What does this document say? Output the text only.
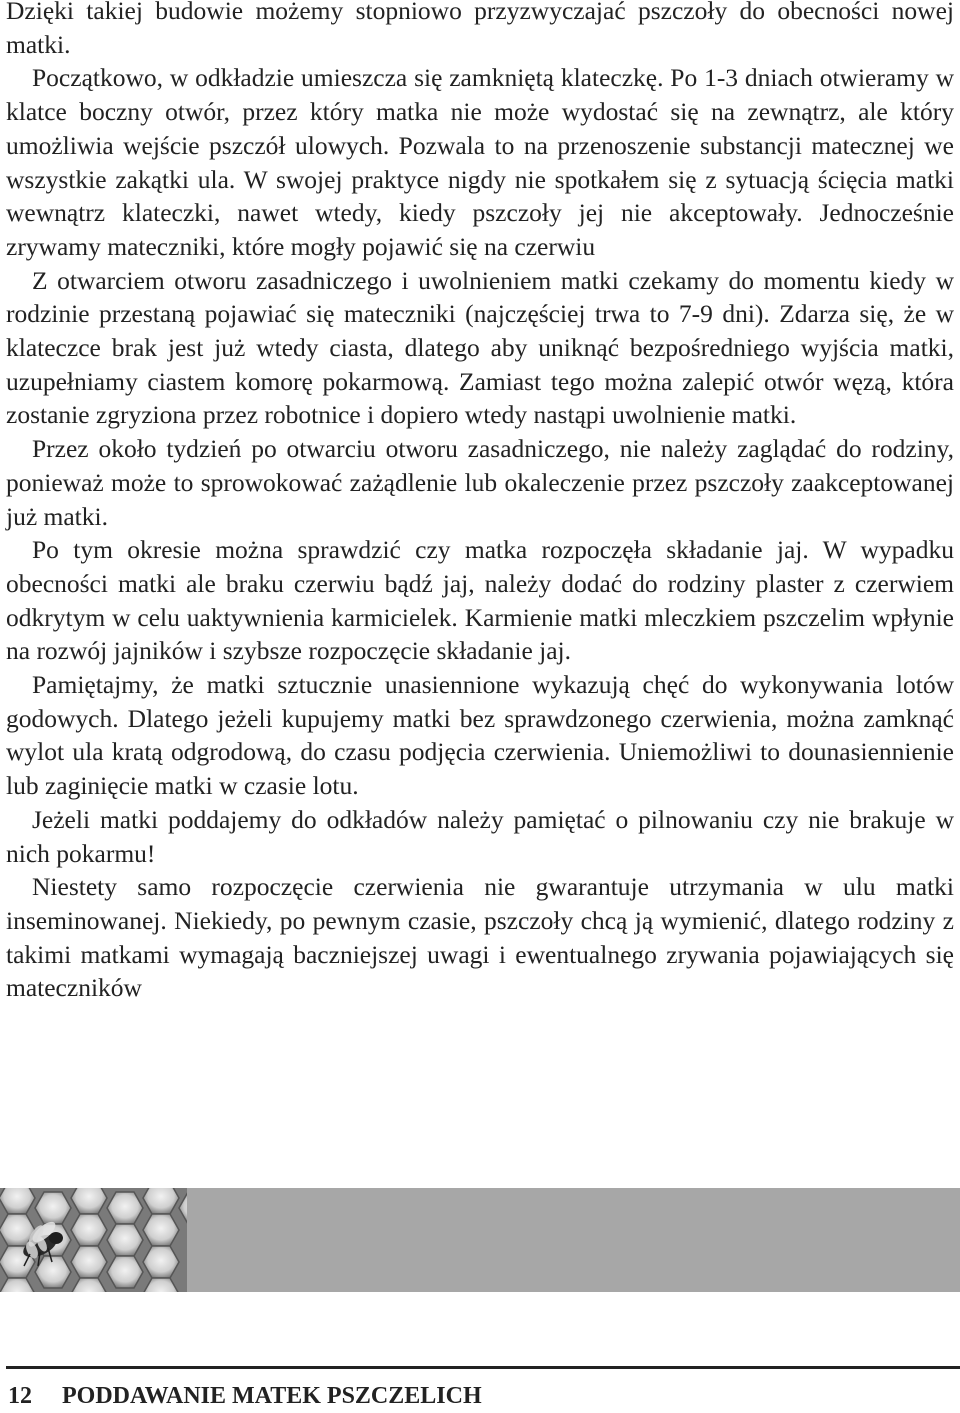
Dzięki takiej budowie możemy stopniowo przyzwyczajać pszczoły do obecności nowej matki.

Początkowo, w odkładzie umieszcza się zamkniętą klateczkę. Po 1-3 dniach otwieramy w klatce boczny otwór, przez który matka nie może wydostać się na zewnątrz, ale który umożliwia wejście pszczół ulowych. Pozwala to na przenoszenie substancji matecznej we wszystkie zakątki ula. W swojej praktyce nigdy nie spotkałem się z sytuacją ścięcia matki wewnątrz klateczki, nawet wtedy, kiedy pszczoły jej nie akceptowały. Jednocześnie zrywamy mateczniki, które mogły pojawić się na czerwiu

Z otwarciem otworu zasadniczego i uwolnieniem matki czekamy do momentu kiedy w rodzinie przestaną pojawiać się mateczniki (najczęściej trwa to 7-9 dni). Zdarza się, że w klateczce brak jest już wtedy ciasta, dlatego aby uniknąć bezpośredniego wyjścia matki, uzupełniamy ciastem komorę pokarmową. Zamiast tego można zalepić otwór węzą, która zostanie zgryziona przez robotnice i dopiero wtedy nastąpi uwolnienie matki.

Przez około tydzień po otwarciu otworu zasadniczego, nie należy zaglądać do rodziny, ponieważ może to sprowokować zażądlenie lub okaleczenie przez pszczoły zaakceptowanej już matki.

Po tym okresie można sprawdzić czy matka rozpoczęła składanie jaj. W wypadku obecności matki ale braku czerwiu bądź jaj, należy dodać do rodziny plaster z czerwiem odkrytym w celu uaktywnienia karmicielek. Karmienie matki mleczkiem pszczelim wpłynie na rozwój jajników i szybsze rozpoczęcie składanie jaj.

Pamiętajmy, że matki sztucznie unasiennione wykazują chęć do wykonywania lotów godowych. Dlatego jeżeli kupujemy matki bez sprawdzonego czerwienia, można zamknąć wylot ula kratą odgrodową, do czasu podjęcia czerwienia. Uniemożliwi to dounasiennienie lub zaginięcie matki w czasie lotu.

Jeżeli matki poddajemy do odkładów należy pamiętać o pilnowaniu czy nie brakuje w nich pokarmu!

Niestety samo rozpoczęcie czerwienia nie gwarantuje utrzymania w ulu matki inseminowanej. Niekiedy, po pewnym czasie, pszczoły chcą ją wymienić, dlatego rodziny z takimi matkami wymagają baczniejszej uwagi i ewentualnego zrywania pojawiających się mateczników

12 PODDAWANIE MATEK PSZCZELICH
